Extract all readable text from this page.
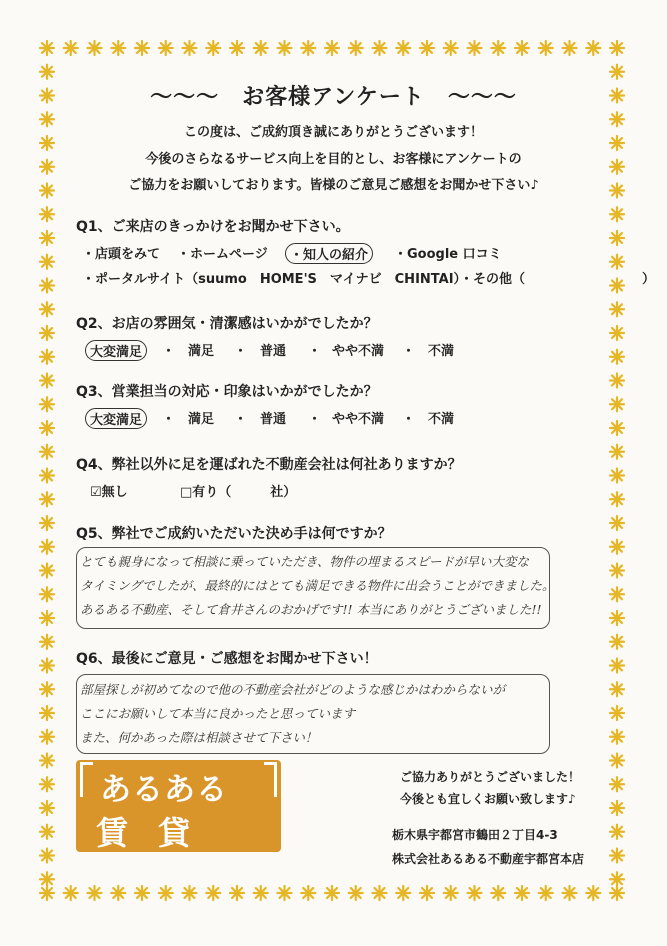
〜〜〜　お客様アンケート　〜〜〜
この度は、ご成約頂き誠にありがとうございます！
今後のさらなるサービス向上を目的とし、お客様にアンケートの
ご協力をお願いしております。皆様のご意見ご感想をお聞かせ下さい♪
Q1、ご来店のきっかけをお聞かせ下さい。
・店頭をみて ・ホームページ	・知人の紹介	・Google 口コミ
・ポータルサイト（suumo　HOME'S　マイナビ　CHINTAI）・その他（　　　　　　　　　）
Q2、お店の雰囲気・清潔感はいかがでしたか？
大変満足	・ 満足 ・ 普通 ・ やや不満 ・ 不満
Q3、営業担当の対応・印象はいかがでしたか？
大変満足	・ 満足 ・ 普通 ・ やや不満 ・ 不満
Q4、弊社以外に足を運ばれた不動産会社は何社ありますか？
☑無し	□有り（　　　社）
Q5、弊社でご成約いただいた決め手は何ですか？
とても親身になって相談に乗っていただき、物件の埋まるスピードが早い大変な
タイミングでしたが、最終的にはとても満足できる物件に出会うことができました。
あるある不動産、そして倉井さんのおかげです!! 本当にありがとうございました!!
Q6、最後にご意見・ご感想をお聞かせ下さい！
部屋探しが初めてなので他の不動産会社がどのような感じかはわからないが
ここにお願いして本当に良かったと思っています
また、何かあった際は相談させて下さい！
あるある
賃貸
ご協力ありがとうございました！
今後とも宜しくお願い致します♪
栃木県宇都宮市鶴田２丁目4-3
株式会社あるある不動産宇都宮本店
